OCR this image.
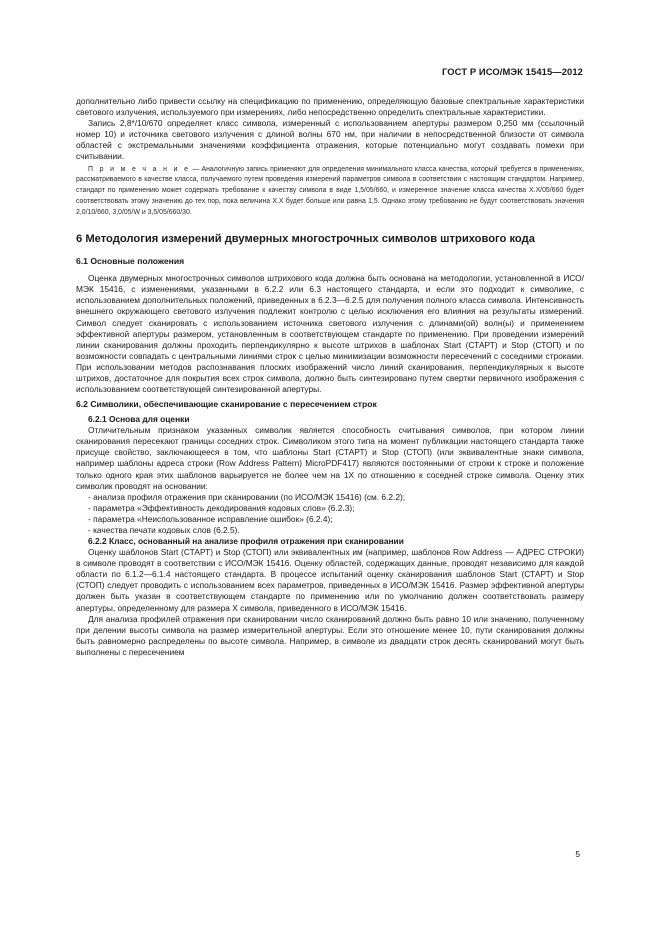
ГОСТ Р ИСО/МЭК 15415—2012

дополнительно либо привести ссылку на спецификацию по применению, определяющую базовые спектральные характеристики светового излучения, используемого при измерениях, либо непосредственно определить спектральные характеристики.

Запись 2,8*/10/670 определяет класс символа, измеренный с использованием апертуры размером 0,250 мм (ссылочный номер 10) и источника светового излучения с длиной волны 670 нм, при наличии в непосредственной близости от символа областей с экстремальными значениями коэффициента отражения, которые потенциально могут создавать помехи при считывании.

П р и м е ч а н и е — Аналогичную запись применяют для определения минимального класса качества, который требуется в применениях, рассматриваемого в качестве класса, получаемого путем проведения измерений параметров символа в соответствии с настоящим стандартом. Например, стандарт по применению может содержать требование к качеству символа в виде 1,5/05/660, и измеренное значение класса качества X.X/05/660 будет соответствовать этому значению до тех пор, пока величина X.X будет больше или равна 1,5. Однако этому требованию не будут соответствовать значения 2,0/10/660, 3,0/05/W и 3,5/05/660/30.

6 Методология измерений двумерных многострочных символов штрихового кода

6.1 Основные положения

Оценка двумерных многострочных символов штрихового кода должна быть основана на методологии, установленной в ИСО/МЭК 15416, с изменениями, указанными в 6.2.2 или 6.3 настоящего стандарта, и если это подходит к символике, с использованием дополнительных положений, приведенных в 6.2.3—6.2.5 для получения полного класса символа. Интенсивность внешнего окружающего светового излучения подлежит контролю с целью исключения его влияния на результаты измерений. Символ следует сканировать с использованием источника светового излучения с длинами(ой) волн(ы) и применением эффективной апертуры размером, установленным в соответствующем стандарте по применению. При проведении измерений линии сканирования должны проходить перпендикулярно к высоте штрихов в шаблонах Start (СТАРТ) и Stop (СТОП) и по возможности совпадать с центральными линиями строк с целью минимизации возможности пересечений с соседними строками. При использовании методов распознавания плоских изображений число линий сканирования, перпендикулярных к высоте штрихов, достаточное для покрытия всех строк символа, должно быть синтезировано путем свертки первичного изображения с использованием соответствующей синтезированной апертуры.

6.2 Символики, обеспечивающие сканирование с пересечением строк

6.2.1 Основа для оценки

Отличительным признаком указанных символик является способность считывания символов, при котором линии сканирования пересекают границы соседних строк. Символиком этого типа на момент публикации настоящего стандарта также присуще свойство, заключающееся в том, что шаблоны Start (СТАРТ) и Stop (СТОП) (или эквивалентные знаки символа, например шаблоны адреса строки (Row Address Pattern) MicroPDF417) являются постоянными от строки к строке и положение только одного края этих шаблонов варьируется не более чем на 1X по отношению к соседней строке символа. Оценку этих символик проводят на основании:

- анализа профиля отражения при сканировании (по ИСО/МЭК 15416) (см. 6.2.2);
- параметра «Эффективность декодирования кодовых слов» (6.2.3);
- параметра «Неиспользованное исправление ошибок» (6.2.4);
- качества печати кодовых слов (6.2.5).

6.2.2 Класс, основанный на анализе профиля отражения при сканировании

Оценку шаблонов Start (СТАРТ) и Stop (СТОП) или эквивалентных им (например, шаблонов Row Address — АДРЕС СТРОКИ) в символе проводят в соответствии с ИСО/МЭК 15416. Оценку областей, содержащих данные, проводят независимо для каждой области по 6.1.2—6.1.4 настоящего стандарта. В процессе испытаний оценку сканирования шаблонов Start (СТАРТ) и Stop (СТОП) следует проводить с использованием всех параметров, приведенных в ИСО/МЭК 15416. Размер эффективной апертуры должен быть указан в соответствующем стандарте по применению или по умолчанию должен соответствовать размеру апертуры, определенному для размера X символа, приведенного в ИСО/МЭК 15416.

Для анализа профилей отражения при сканировании число сканирований должно быть равно 10 или значению, полученному при делении высоты символа на размер измерительной апертуры. Если это отношение менее 10, пути сканирования должны быть равномерно распределены по высоте символа. Например, в символе из двадцати строк десять сканирований могут быть выполнены с пересечением

5
